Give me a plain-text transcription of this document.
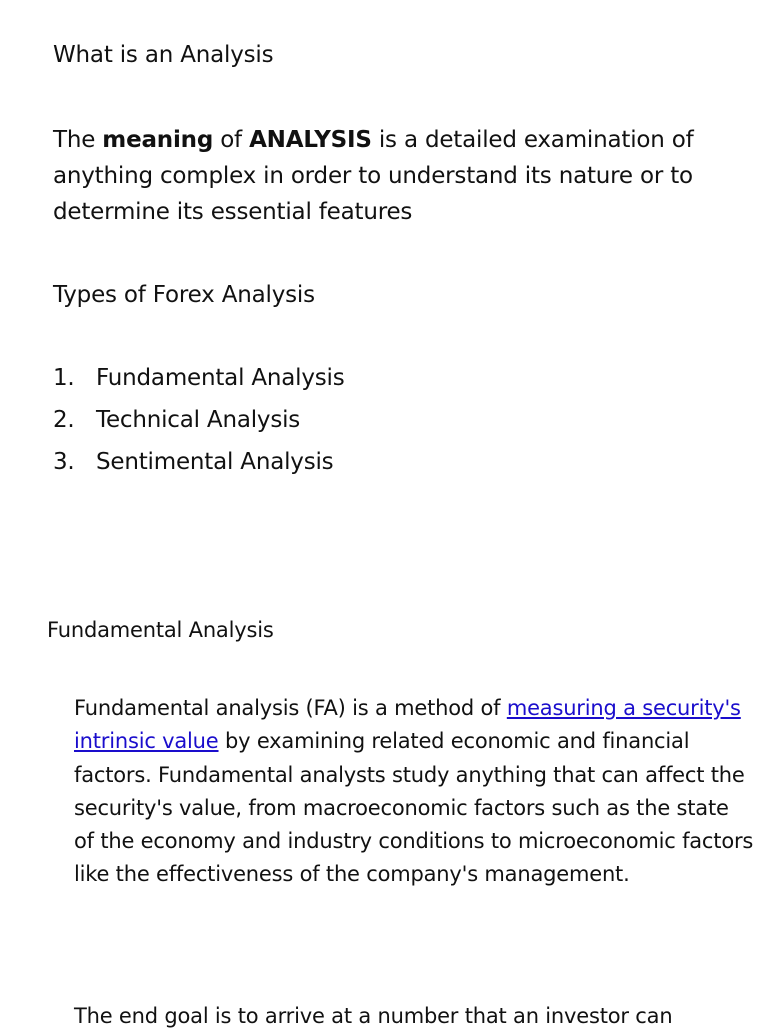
What is an Analysis
The meaning of ANALYSIS is a detailed examination of anything complex in order to understand its nature or to determine its essential features
Types of Forex Analysis
1. Fundamental Analysis
2. Technical Analysis
3. Sentimental Analysis
Fundamental Analysis
Fundamental analysis (FA) is a method of measuring a security's intrinsic value by examining related economic and financial factors. Fundamental analysts study anything that can affect the security's value, from macroeconomic factors such as the state of the economy and industry conditions to microeconomic factors like the effectiveness of the company's management.
The end goal is to arrive at a number that an investor can
